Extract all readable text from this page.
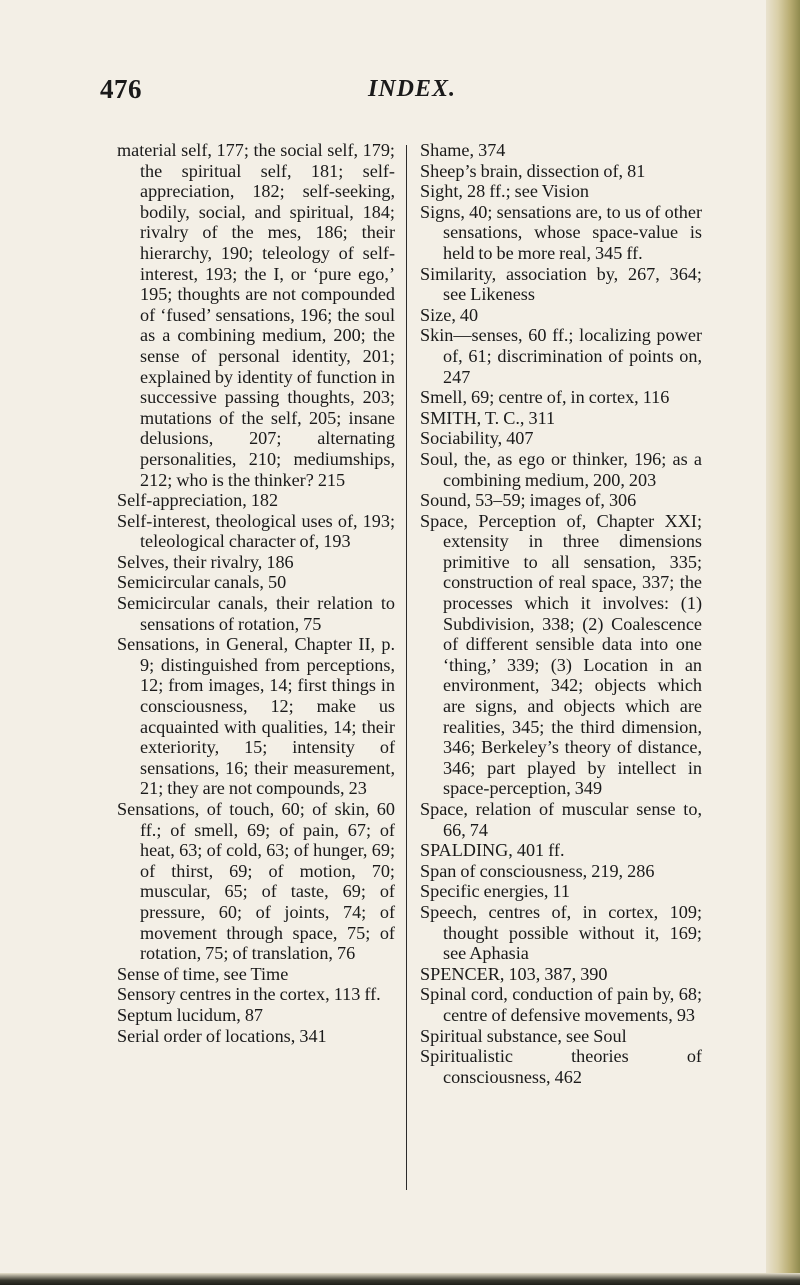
476	INDEX.

material self, 177; the social self, 179; the spiritual self, 181; self-appreciation, 182; self-seeking, bodily, social, and spiritual, 184; rivalry of the mes, 186; their hierarchy, 190; teleology of self-interest, 193; the I, or ‘pure ego,’ 195; thoughts are not compounded of ‘fused’ sensations, 196; the soul as a combining medium, 200; the sense of personal identity, 201; explained by identity of function in successive passing thoughts, 203; mutations of the self, 205; insane delusions, 207; alternating personalities, 210; mediumships, 212; who is the thinker? 215

Self-appreciation, 182

Self-interest, theological uses of, 193; teleological character of, 193

Selves, their rivalry, 186

Semicircular canals, 50

Semicircular canals, their relation to sensations of rotation, 75

Sensations, in General, Chapter II, p. 9; distinguished from perceptions, 12; from images, 14; first things in consciousness, 12; make us acquainted with qualities, 14; their exteriority, 15; intensity of sensations, 16; their measurement, 21; they are not compounds, 23

Sensations, of touch, 60; of skin, 60 ff.; of smell, 69; of pain, 67; of heat, 63; of cold, 63; of hunger, 69; of thirst, 69; of motion, 70; muscular, 65; of taste, 69; of pressure, 60; of joints, 74; of movement through space, 75; of rotation, 75; of translation, 76

Sense of time, see Time

Sensory centres in the cortex, 113 ff.

Septum lucidum, 87

Serial order of locations, 341

Shame, 374

Sheep’s brain, dissection of, 81

Sight, 28 ff.; see Vision

Signs, 40; sensations are, to us of other sensations, whose space-value is held to be more real, 345 ff.

Similarity, association by, 267, 364; see Likeness

Size, 40

Skin—senses, 60 ff.; localizing power of, 61; discrimination of points on, 247

Smell, 69; centre of, in cortex, 116

SMITH, T. C., 311

Sociability, 407

Soul, the, as ego or thinker, 196; as a combining medium, 200, 203

Sound, 53–59; images of, 306

Space, Perception of, Chapter XXI; extensity in three dimensions primitive to all sensation, 335; construction of real space, 337; the processes which it involves: (1) Subdivision, 338; (2) Coalescence of different sensible data into one ‘thing,’ 339; (3) Location in an environment, 342; objects which are signs, and objects which are realities, 345; the third dimension, 346; Berkeley’s theory of distance, 346; part played by intellect in space-perception, 349

Space, relation of muscular sense to, 66, 74

SPALDING, 401 ff.

Span of consciousness, 219, 286

Specific energies, 11

Speech, centres of, in cortex, 109; thought possible without it, 169; see Aphasia

SPENCER, 103, 387, 390

Spinal cord, conduction of pain by, 68; centre of defensive movements, 93

Spiritual substance, see Soul

Spiritualistic theories of consciousness, 462
